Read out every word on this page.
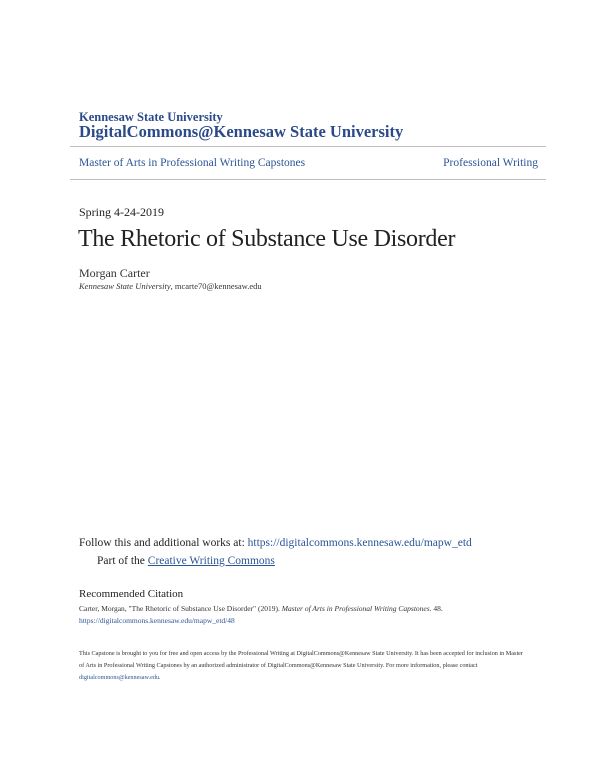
Kennesaw State University
DigitalCommons@Kennesaw State University
Master of Arts in Professional Writing Capstones	Professional Writing
Spring 4-24-2019
The Rhetoric of Substance Use Disorder
Morgan Carter
Kennesaw State University, mcarte70@kennesaw.edu
Follow this and additional works at: https://digitalcommons.kennesaw.edu/mapw_etd
Part of the Creative Writing Commons
Recommended Citation
Carter, Morgan, "The Rhetoric of Substance Use Disorder" (2019). Master of Arts in Professional Writing Capstones. 48.
https://digitalcommons.kennesaw.edu/mapw_etd/48
This Capstone is brought to you for free and open access by the Professional Writing at DigitalCommons@Kennesaw State University. It has been accepted for inclusion in Master of Arts in Professional Writing Capstones by an authorized administrator of DigitalCommons@Kennesaw State University. For more information, please contact digitalcommons@kennesaw.edu.
